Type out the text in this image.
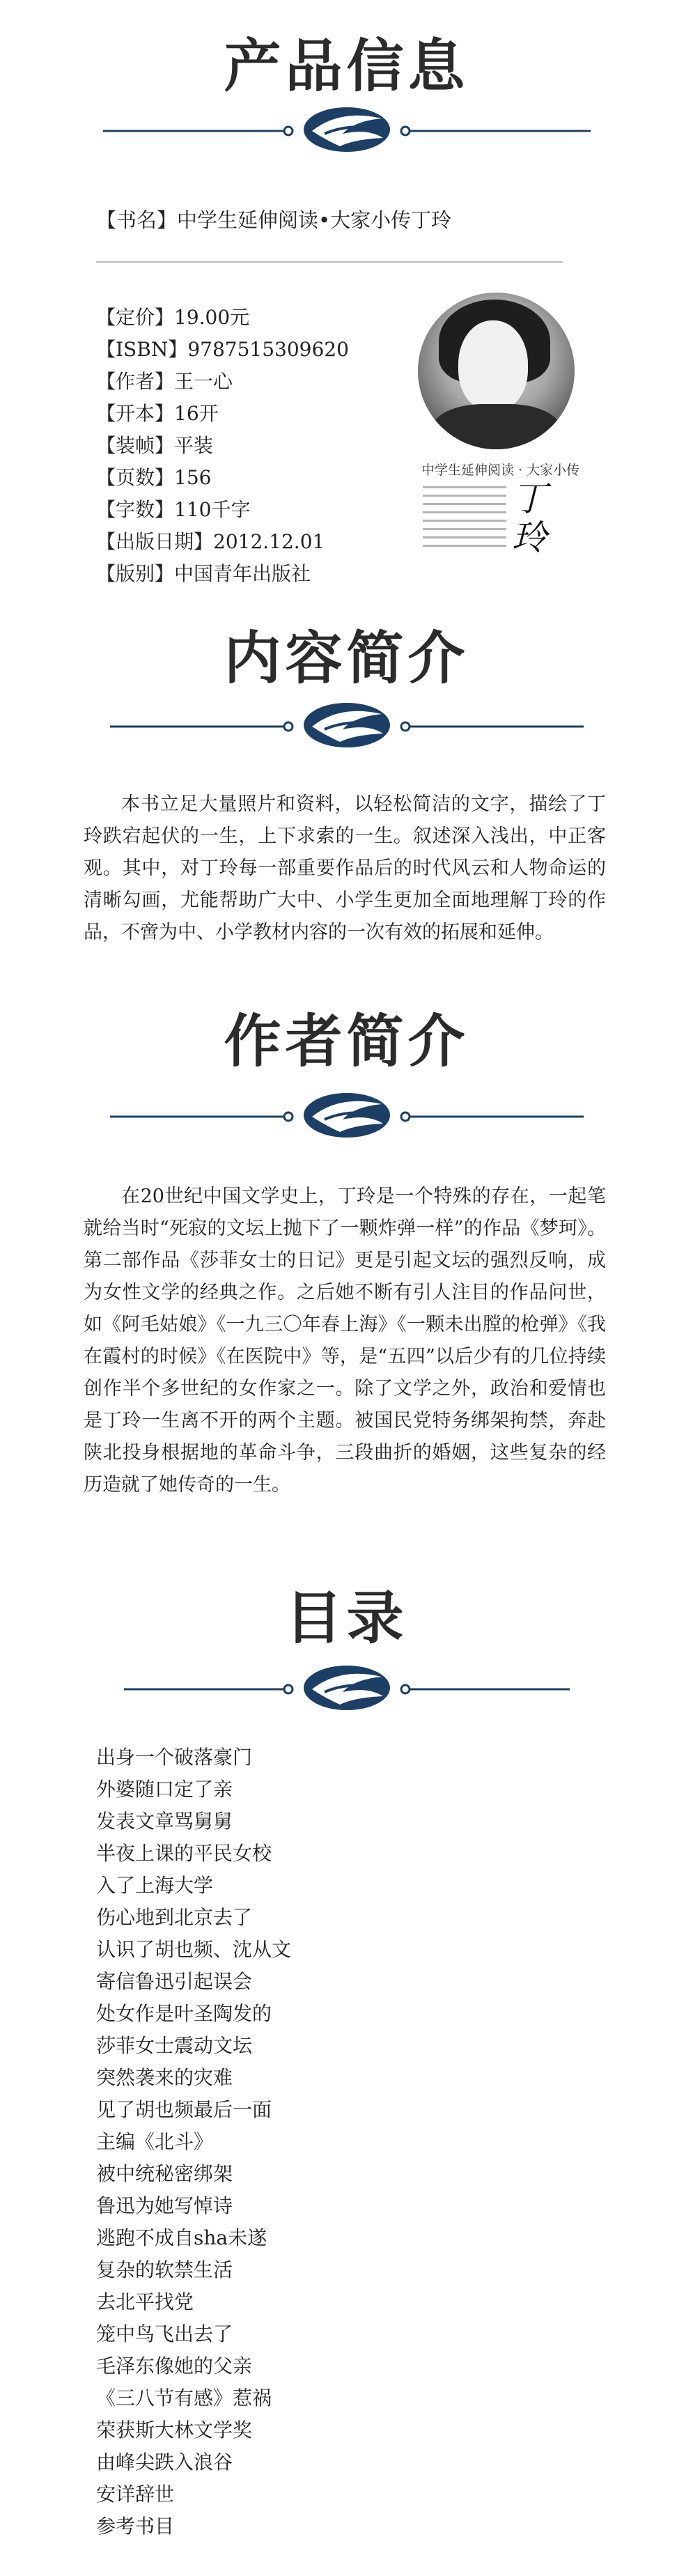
产品信息
【书名】中学生延伸阅读•大家小传丁玲
【定价】19.00元
【ISBN】9787515309620
【作者】王一心
【开本】16开
【装帧】平装
【页数】156
【字数】110千字
【出版日期】2012.12.01
【版别】中国青年出版社
中学生延伸阅读 · 大家小传
丁玲
内容简介
本书立足大量照片和资料，以轻松简洁的文字，描绘了丁玲跌宕起伏的一生，上下求索的一生。叙述深入浅出，中正客观。其中，对丁玲每一部重要作品后的时代风云和人物命运的清晰勾画，尤能帮助广大中、小学生更加全面地理解丁玲的作品，不啻为中、小学教材内容的一次有效的拓展和延伸。
作者简介
在20世纪中国文学史上，丁玲是一个特殊的存在，一起笔就给当时“死寂的文坛上抛下了一颗炸弹一样”的作品《梦珂》。第二部作品《莎菲女士的日记》更是引起文坛的强烈反响，成为女性文学的经典之作。之后她不断有引人注目的作品问世，如《阿毛姑娘》《一九三〇年春上海》《一颗未出膛的枪弹》《我在霞村的时候》《在医院中》等，是“五四”以后少有的几位持续创作半个多世纪的女作家之一。除了文学之外，政治和爱情也是丁玲一生离不开的两个主题。被国民党特务绑架拘禁，奔赴陕北投身根据地的革命斗争，三段曲折的婚姻，这些复杂的经历造就了她传奇的一生。
目录
出身一个破落豪门
外婆随口定了亲
发表文章骂舅舅
半夜上课的平民女校
入了上海大学
伤心地到北京去了
认识了胡也频、沈从文
寄信鲁迅引起误会
处女作是叶圣陶发的
莎菲女士震动文坛
突然袭来的灾难
见了胡也频最后一面
主编《北斗》
被中统秘密绑架
鲁迅为她写悼诗
逃跑不成自sha未遂
复杂的软禁生活
去北平找党
笼中鸟飞出去了
毛泽东像她的父亲
《三八节有感》惹祸
荣获斯大林文学奖
由峰尖跌入浪谷
安详辞世
参考书目
